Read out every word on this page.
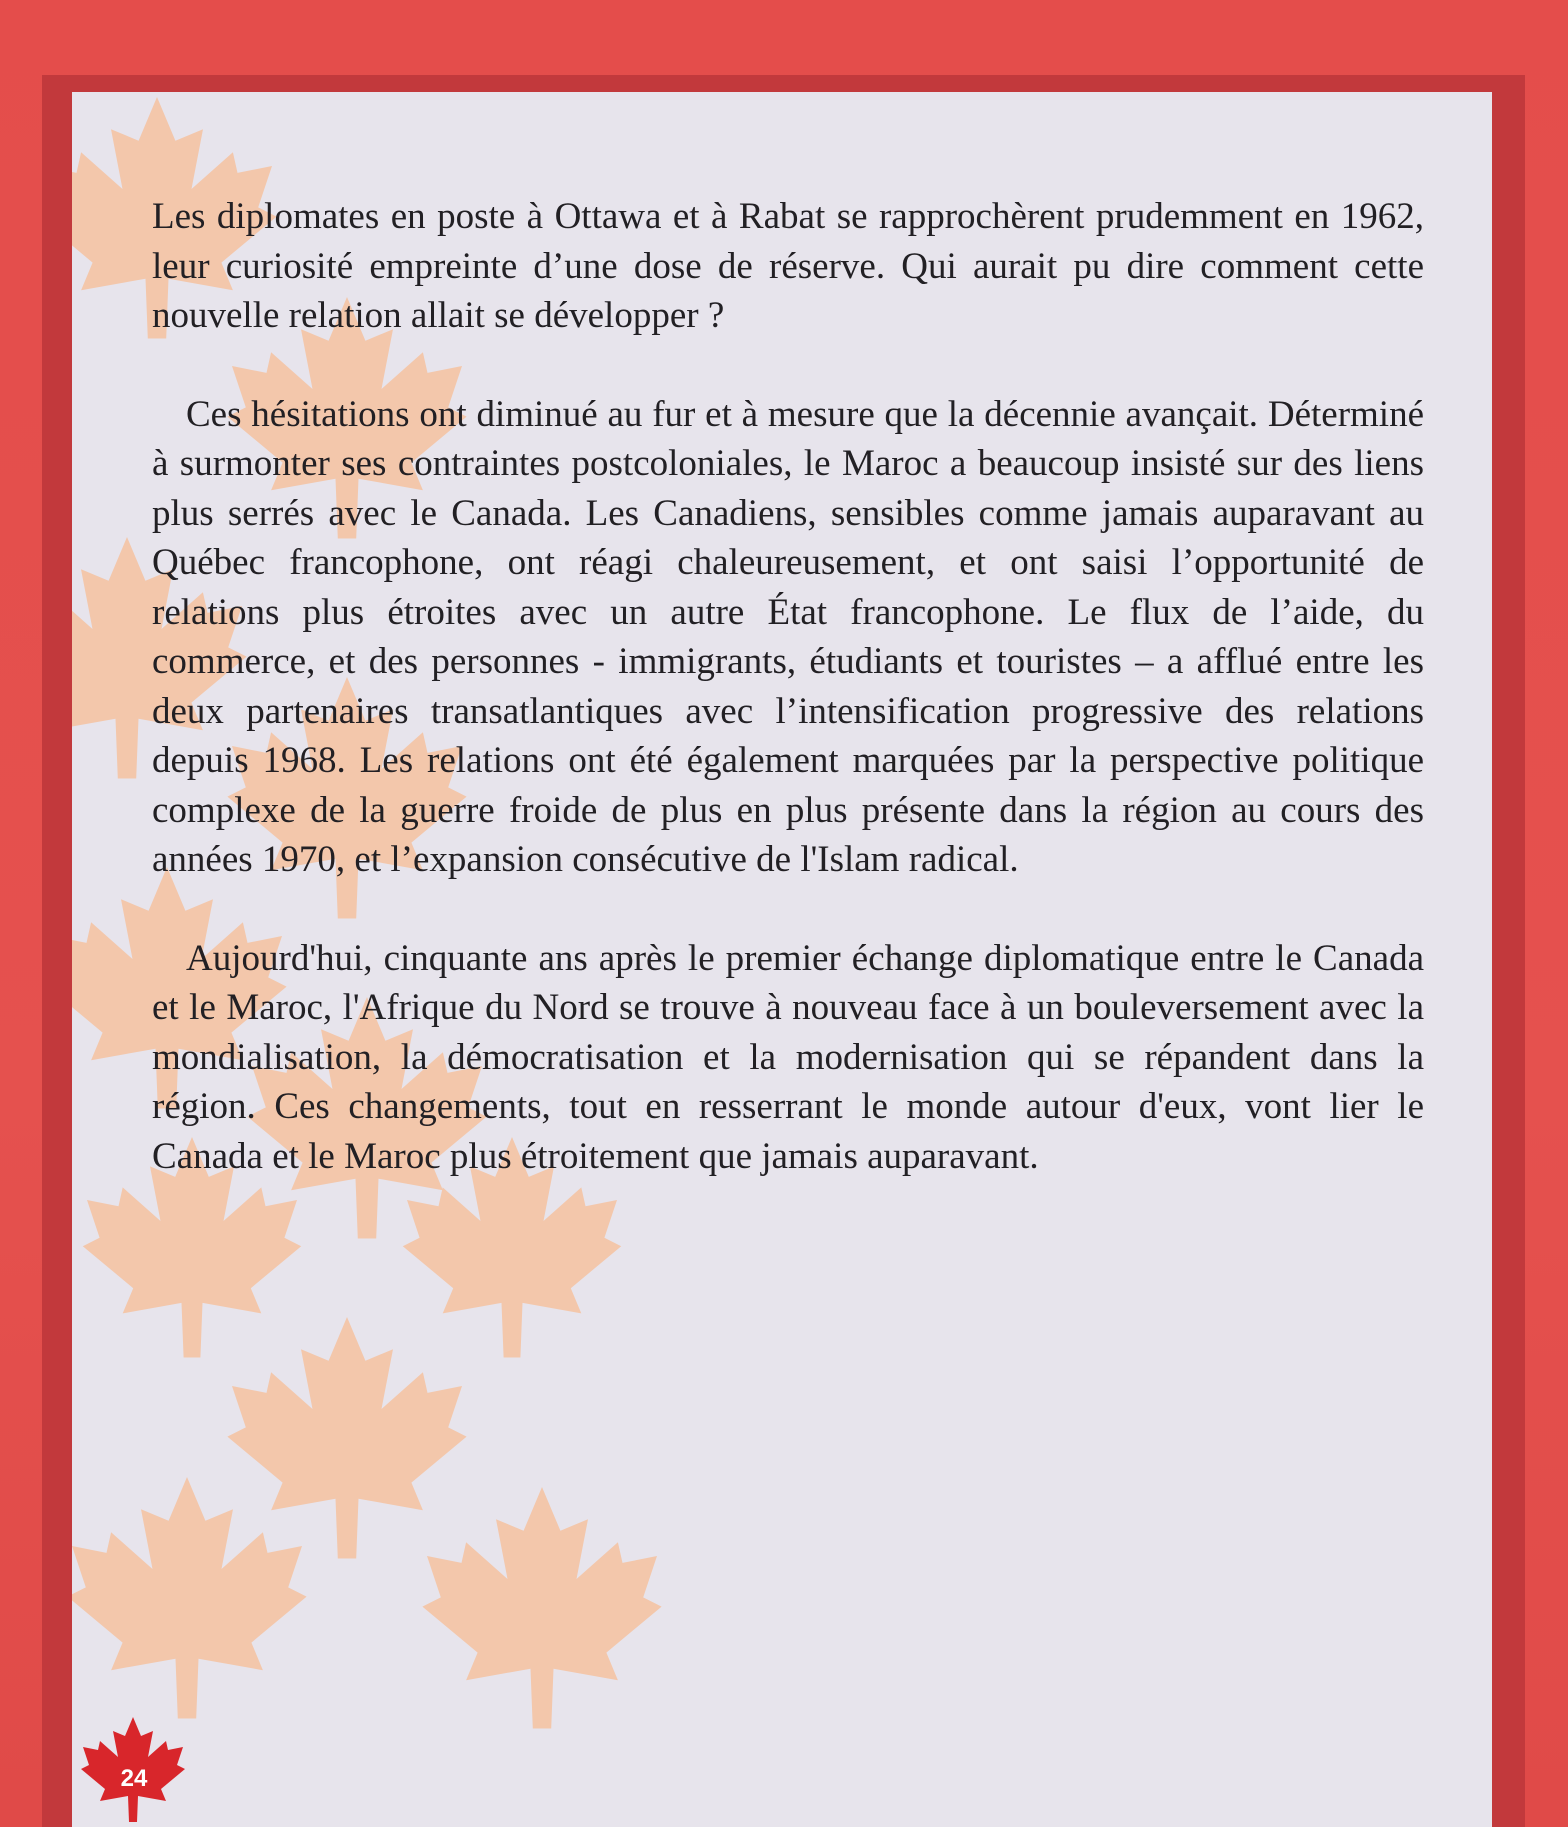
Les diplomates en poste à Ottawa et à Rabat se rapprochèrent prudemment en 1962, leur curiosité empreinte d’une dose de réserve. Qui aurait pu dire comment cette nouvelle relation allait se développer ?

Ces hésitations ont diminué au fur et à mesure que la décennie avançait. Déterminé à surmonter ses contraintes postcoloniales, le Maroc a beaucoup insisté sur des liens plus serrés avec le Canada. Les Canadiens, sensibles comme jamais auparavant au Québec francophone, ont réagi chaleureusement, et ont saisi l’opportunité de relations plus étroites avec un autre État francophone. Le flux de l’aide, du commerce, et des personnes - immigrants, étudiants et touristes – a afflué entre les deux partenaires transatlantiques avec l’intensification progressive des relations depuis 1968. Les relations ont été également marquées par la perspective politique complexe de la guerre froide de plus en plus présente dans la région au cours des années 1970, et l’expansion consécutive de l'Islam radical.

Aujourd'hui, cinquante ans après le premier échange diplomatique entre le Canada et le Maroc, l'Afrique du Nord se trouve à nouveau face à un bouleversement avec la mondialisation, la démocratisation et la modernisation qui se répandent dans la région. Ces changements, tout en resserrant le monde autour d'eux, vont lier le Canada et le Maroc plus étroitement que jamais auparavant.

24
